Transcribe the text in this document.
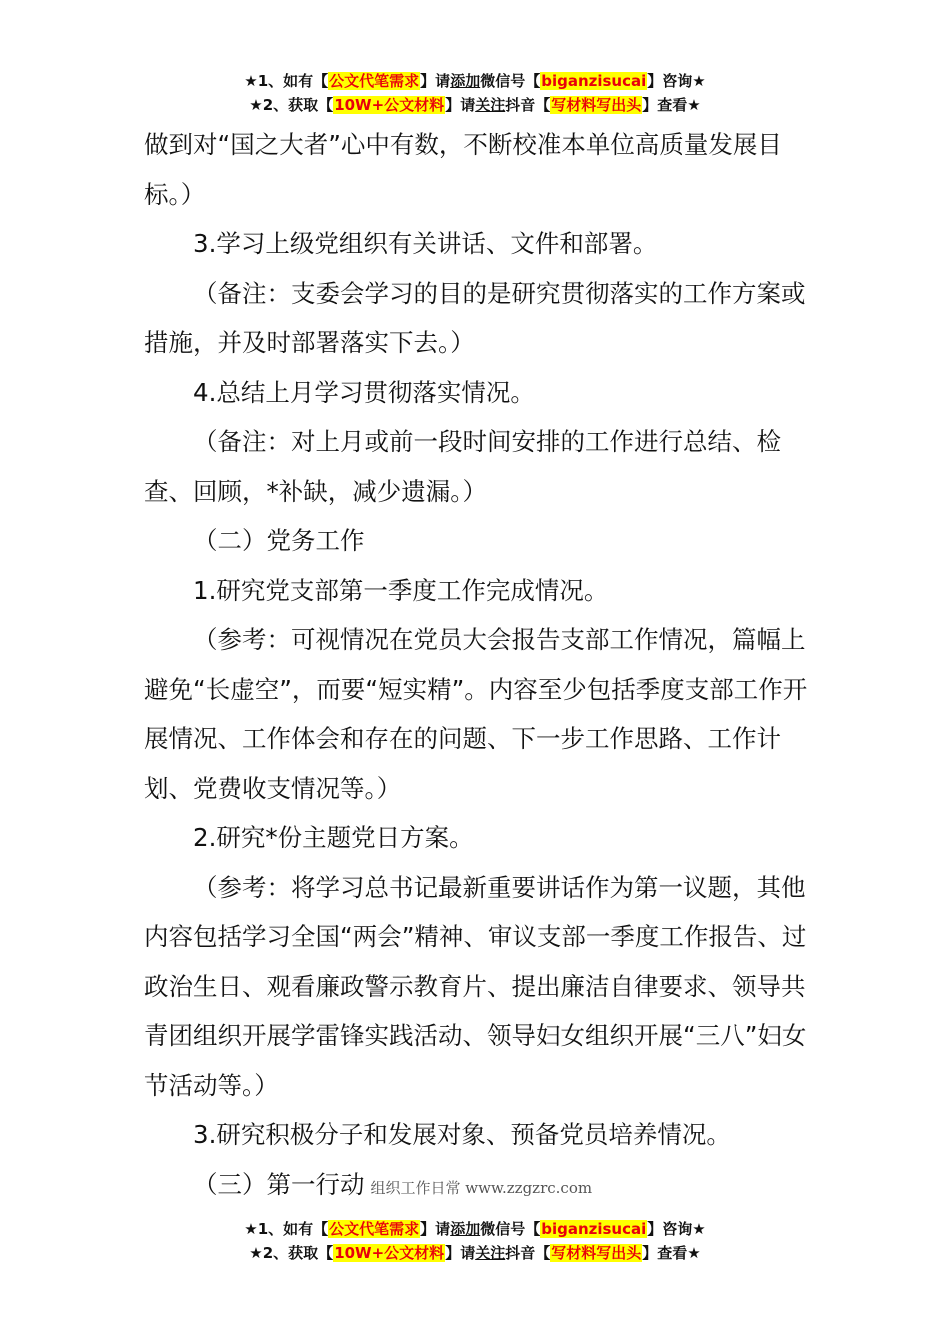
★1、如有【公文代笔需求】请添加微信号【biganzisucai】咨询★
★2、获取【10W+公文材料】请关注抖音【写材料写出头】查看★

做到对“国之大者”心中有数，不断校准本单位高质量发展目标。）

3.学习上级党组织有关讲话、文件和部署。

（备注：支委会学习的目的是研究贯彻落实的工作方案或措施，并及时部署落实下去。）

4.总结上月学习贯彻落实情况。

（备注：对上月或前一段时间安排的工作进行总结、检查、回顾，*补缺，减少遗漏。）

（二）党务工作

1.研究党支部第一季度工作完成情况。

（参考：可视情况在党员大会报告支部工作情况，篇幅上避免“长虚空”，而要“短实精”。内容至少包括季度支部工作开展情况、工作体会和存在的问题、下一步工作思路、工作计划、党费收支情况等。）

2.研究*份主题党日方案。

（参考：将学习总书记最新重要讲话作为第一议题，其他内容包括学习全国“两会”精神、审议支部一季度工作报告、过政治生日、观看廉政警示教育片、提出廉洁自律要求、领导共青团组织开展学雷锋实践活动、领导妇女组织开展“三八”妇女节活动等。）

3.研究积极分子和发展对象、预备党员培养情况。

（三）第一行动 组织工作日常 www.zzgzrc.com

★1、如有【公文代笔需求】请添加微信号【biganzisucai】咨询★
★2、获取【10W+公文材料】请关注抖音【写材料写出头】查看★
